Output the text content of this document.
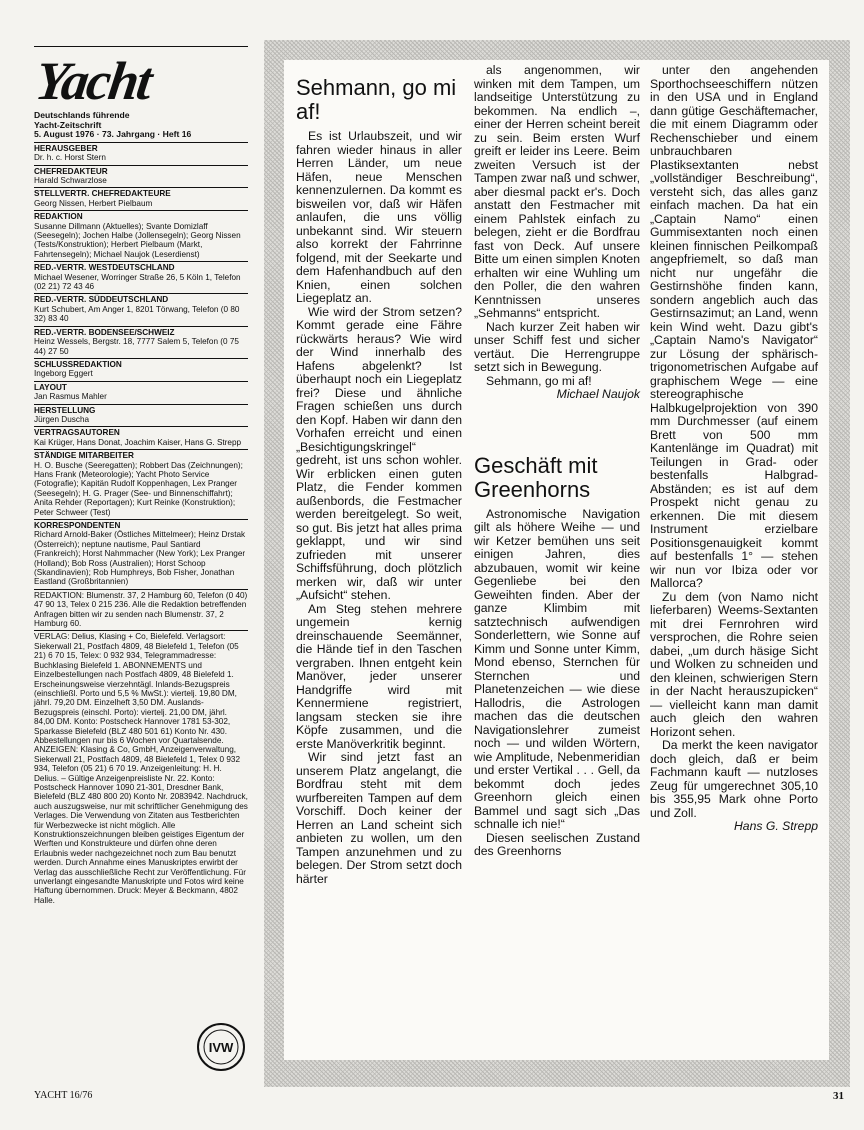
Yacht
Deutschlands führende
Yacht-Zeitschrift
5. August 1976 · 73. Jahrgang · Heft 16
HERAUSGEBER
Dr. h. c. Horst Stern
CHEFREDAKTEUR
Harald Schwarzlose
STELLVERTR. CHEFREDAKTEURE
Georg Nissen, Herbert Pielbaum
REDAKTION
Susanne Dillmann (Aktuelles); Svante Domizlaff (Seesegeln); Jochen Halbe (Jollensegeln); Georg Nissen (Tests/Konstruktion); Herbert Pielbaum (Markt, Fahrtensegeln); Michael Naujok (Leserdienst)
RED.-VERTR. WESTDEUTSCHLAND
Michael Wesener, Worringer Straße 26, 5 Köln 1, Telefon (02 21) 72 43 46
RED.-VERTR. SÜDDEUTSCHLAND
Kurt Schubert, Am Anger 1, 8201 Törwang, Telefon (0 80 32) 83 40
RED.-VERTR. BODENSEE/SCHWEIZ
Heinz Wessels, Bergstr. 18, 7777 Salem 5, Telefon (0 75 44) 27 50
SCHLUSSREDAKTION
Ingeborg Eggert
LAYOUT
Jan Rasmus Mahler
HERSTELLUNG
Jürgen Duscha
VERTRAGSAUTOREN
Kai Krüger, Hans Donat, Joachim Kaiser, Hans G. Strepp
STÄNDIGE MITARBEITER
H. O. Busche (Seeregatten); Robbert Das (Zeichnungen); Hans Frank (Meteorologie); Yacht Photo Service (Fotografie); Kapitän Rudolf Koppenhagen, Lex Pranger (Seesegeln); H. G. Prager (See- und Binnenschiffahrt); Anita Rehder (Reportagen); Kurt Reinke (Konstruktion); Peter Schweer (Test)
KORRESPONDENTEN
Richard Arnold-Baker (Östliches Mittelmeer); Heinz Drstak (Österreich); neptune nautisme, Paul Santiard (Frankreich); Horst Nahmmacher (New York); Lex Pranger (Holland); Bob Ross (Australien); Horst Schoop (Skandinavien); Rob Humphreys, Bob Fisher, Jonathan Eastland (Großbritannien)
REDAKTION: Blumenstr. 37, 2 Hamburg 60, Telefon (0 40) 47 90 13, Telex 0 215 236. Alle die Redaktion betreffenden Anfragen bitten wir zu senden nach Blumenstr. 37, 2 Hamburg 60.
VERLAG: Delius, Klasing + Co, Bielefeld. Verlagsort: Siekerwall 21, Postfach 4809, 48 Bielefeld 1, Telefon (05 21) 6 70 15, Telex: 0 932 934, Telegrammadresse: Buchklasing Bielefeld 1. ABONNEMENTS und Einzelbestellungen nach Postfach 4809, 48 Bielefeld 1. Erscheinungsweise vierzehntägl. Inlands-Bezugspreis (einschließl. Porto und 5,5 % MwSt.): viertelj. 19,80 DM, jährl. 79,20 DM. Einzelheft 3,50 DM. Auslands-Bezugspreis (einschl. Porto): viertelj. 21,00 DM, jährl. 84,00 DM. Konto: Postscheck Hannover 1781 53-302, Sparkasse Bielefeld (BLZ 480 501 61) Konto Nr. 430. Abbestellungen nur bis 6 Wochen vor Quartalsende. ANZEIGEN: Klasing & Co, GmbH, Anzeigenverwaltung, Siekerwall 21, Postfach 4809, 48 Bielefeld 1, Telex 0 932 934, Telefon (05 21) 6 70 19. Anzeigenleitung: H. H. Delius. – Gültige Anzeigenpreisliste Nr. 22. Konto: Postscheck Hannover 1090 21-301, Dresdner Bank, Bielefeld (BLZ 480 800 20) Konto Nr. 2083942. Nachdruck, auch auszugsweise, nur mit schriftlicher Genehmigung des Verlages. Die Verwendung von Zitaten aus Testberichten für Werbezwecke ist nicht möglich. Alle Konstruktionszeichnungen bleiben geistiges Eigentum der Werften und Konstrukteure und dürfen ohne deren Erlaubnis weder nachgezeichnet noch zum Bau benutzt werden. Durch Annahme eines Manuskriptes erwirbt der Verlag das ausschließliche Recht zur Veröffentlichung. Für unverlangt eingesandte Manuskripte und Fotos wird keine Haftung übernommen. Druck: Meyer & Beckmann, 4802 Halle.
IVW
Sehmann, go mi af!

Es ist Urlaubszeit, und wir fahren wieder hinaus in aller Herren Länder, um neue Häfen, neue Menschen kennenzulernen. Da kommt es bisweilen vor, daß wir Häfen anlaufen, die uns völlig unbekannt sind. Wir steuern also korrekt der Fahrrinne folgend, mit der Seekarte und dem Hafenhandbuch auf den Knien, einen solchen Liegeplatz an.

Wie wird der Strom setzen? Kommt gerade eine Fähre rückwärts heraus? Wie wird der Wind innerhalb des Hafens abgelenkt? Ist überhaupt noch ein Liegeplatz frei? Diese und ähnliche Fragen schießen uns durch den Kopf. Haben wir dann den Vorhafen erreicht und einen „Besichtigungskringel“ gedreht, ist uns schon wohler. Wir erblicken einen guten Platz, die Fender kommen außenbords, die Festmacher werden bereitgelegt. So weit, so gut. Bis jetzt hat alles prima geklappt, und wir sind zufrieden mit unserer Schiffsführung, doch plötzlich merken wir, daß wir unter „Aufsicht“ stehen.

Am Steg stehen mehrere ungemein kernig dreinschauende Seemänner, die Hände tief in den Taschen vergraben. Ihnen entgeht kein Manöver, jeder unserer Handgriffe wird mit Kennermiene registriert, langsam stecken sie ihre Köpfe zusammen, und die erste Manöverkritik beginnt.

Wir sind jetzt fast an unserem Platz angelangt, die Bordfrau steht mit dem wurfbereiten Tampen auf dem Vorschiff. Doch keiner der Herren an Land scheint sich anbieten zu wollen, um den Tampen anzunehmen und zu belegen. Der Strom setzt doch härter

als angenommen, wir winken mit dem Tampen, um landseitige Unterstützung zu bekommen. Na endlich –, einer der Herren scheint bereit zu sein. Beim ersten Wurf greift er leider ins Leere. Beim zweiten Versuch ist der Tampen zwar naß und schwer, aber diesmal packt er's. Doch anstatt den Festmacher mit einem Pahlstek einfach zu belegen, zieht er die Bordfrau fast von Deck. Auf unsere Bitte um einen simplen Knoten erhalten wir eine Wuhling um den Poller, die den wahren Kenntnissen unseres „Sehmanns“ entspricht.

Nach kurzer Zeit haben wir unser Schiff fest und sicher vertäut. Die Herrengruppe setzt sich in Bewegung.

Sehmann, go mi af!

Michael Naujok
Geschäft mit Greenhorns

Astronomische Navigation gilt als höhere Weihe — und wir Ketzer bemühen uns seit einigen Jahren, dies abzubauen, womit wir keine Gegenliebe bei den Geweihten finden. Aber der ganze Klimbim mit satztechnisch aufwendigen Sonderlettern, wie Sonne auf Kimm und Sonne unter Kimm, Mond ebenso, Sternchen für Sternchen und Planetenzeichen — wie diese Hallodris, die Astrologen machen das die deutschen Navigationslehrer zumeist noch — und wilden Wörtern, wie Amplitude, Nebenmeridian und erster Vertikal . . . Gell, da bekommt doch jedes Greenhorn gleich einen Bammel und sagt sich „Das schnalle ich nie!“

Diesen seelischen Zustand des Greenhorns

unter den angehenden Sporthochseeschiffern nützen in den USA und in England dann gütige Geschäftemacher, die mit einem Diagramm oder Rechenschieber und einem unbrauchbaren Plastiksextanten nebst „vollständiger Beschreibung“, versteht sich, das alles ganz einfach machen. Da hat ein „Captain Namo“ einen Gummisextanten noch einen kleinen finnischen Peilkompaß angepfriemelt, so daß man nicht nur ungefähr die Gestirnshöhe finden kann, sondern angeblich auch das Gestirnsazimut; an Land, wenn kein Wind weht. Dazu gibt's „Captain Namo's Navigator“ zur Lösung der sphärisch-trigonometrischen Aufgabe auf graphischem Wege — eine stereographische Halbkugelprojektion von 390 mm Durchmesser (auf einem Brett von 500 mm Kantenlänge im Quadrat) mit Teilungen in Grad- oder bestenfalls Halbgrad-Abständen; es ist auf dem Prospekt nicht genau zu erkennen. Die mit diesem Instrument erzielbare Positionsgenauigkeit kommt auf bestenfalls 1° — stehen wir nun vor Ibiza oder vor Mallorca?

Zu dem (von Namo nicht lieferbaren) Weems-Sextanten mit drei Fernrohren wird versprochen, die Rohre seien dabei, „um durch häsige Sicht und Wolken zu schneiden und den kleinen, schwierigen Stern in der Nacht herauszupicken“ — vielleicht kann man damit auch gleich den wahren Horizont sehen.

Da merkt the keen navigator doch gleich, daß er beim Fachmann kauft — nutzloses Zeug für umgerechnet 305,10 bis 355,95 Mark ohne Porto und Zoll.

Hans G. Strepp
YACHT 16/76	31
